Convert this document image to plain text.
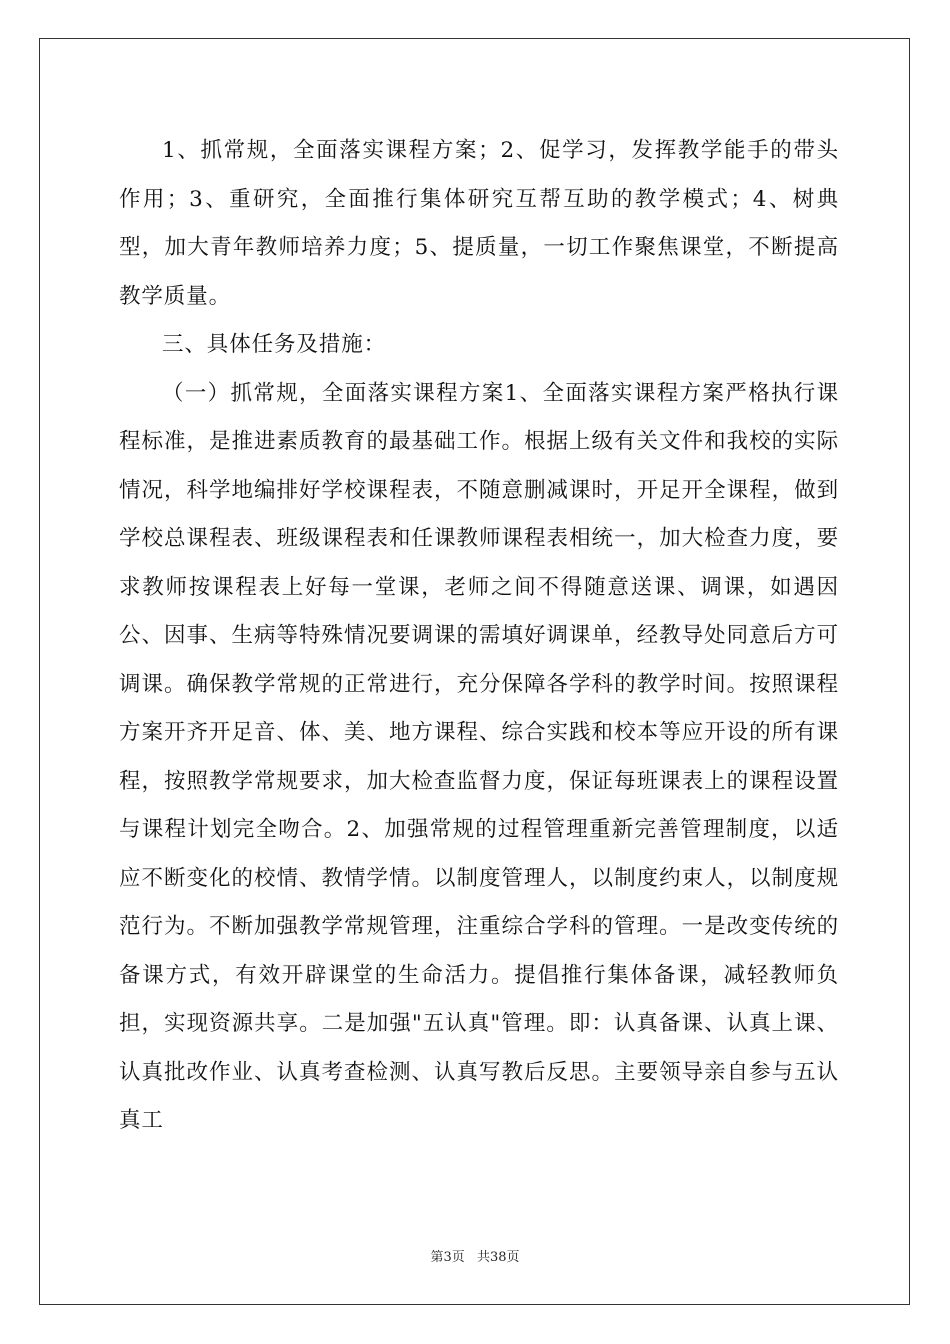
1、抓常规，全面落实课程方案；2、促学习，发挥教学能手的带头作用；3、重研究，全面推行集体研究互帮互助的教学模式；4、树典型，加大青年教师培养力度；5、提质量，一切工作聚焦课堂，不断提高教学质量。

三、具体任务及措施：

（一）抓常规，全面落实课程方案1、全面落实课程方案严格执行课程标准，是推进素质教育的最基础工作。根据上级有关文件和我校的实际情况，科学地编排好学校课程表，不随意删减课时，开足开全课程，做到学校总课程表、班级课程表和任课教师课程表相统一，加大检查力度，要求教师按课程表上好每一堂课，老师之间不得随意送课、调课，如遇因公、因事、生病等特殊情况要调课的需填好调课单，经教导处同意后方可调课。确保教学常规的正常进行，充分保障各学科的教学时间。按照课程方案开齐开足音、体、美、地方课程、综合实践和校本等应开设的所有课程，按照教学常规要求，加大检查监督力度，保证每班课表上的课程设置与课程计划完全吻合。2、加强常规的过程管理重新完善管理制度，以适应不断变化的校情、教情学情。以制度管理人，以制度约束人，以制度规范行为。不断加强教学常规管理，注重综合学科的管理。一是改变传统的备课方式，有效开辟课堂的生命活力。提倡推行集体备课，减轻教师负担，实现资源共享。二是加强"五认真"管理。即：认真备课、认真上课、认真批改作业、认真考查检测、认真写教后反思。主要领导亲自参与五认真工

第3页 共38页
